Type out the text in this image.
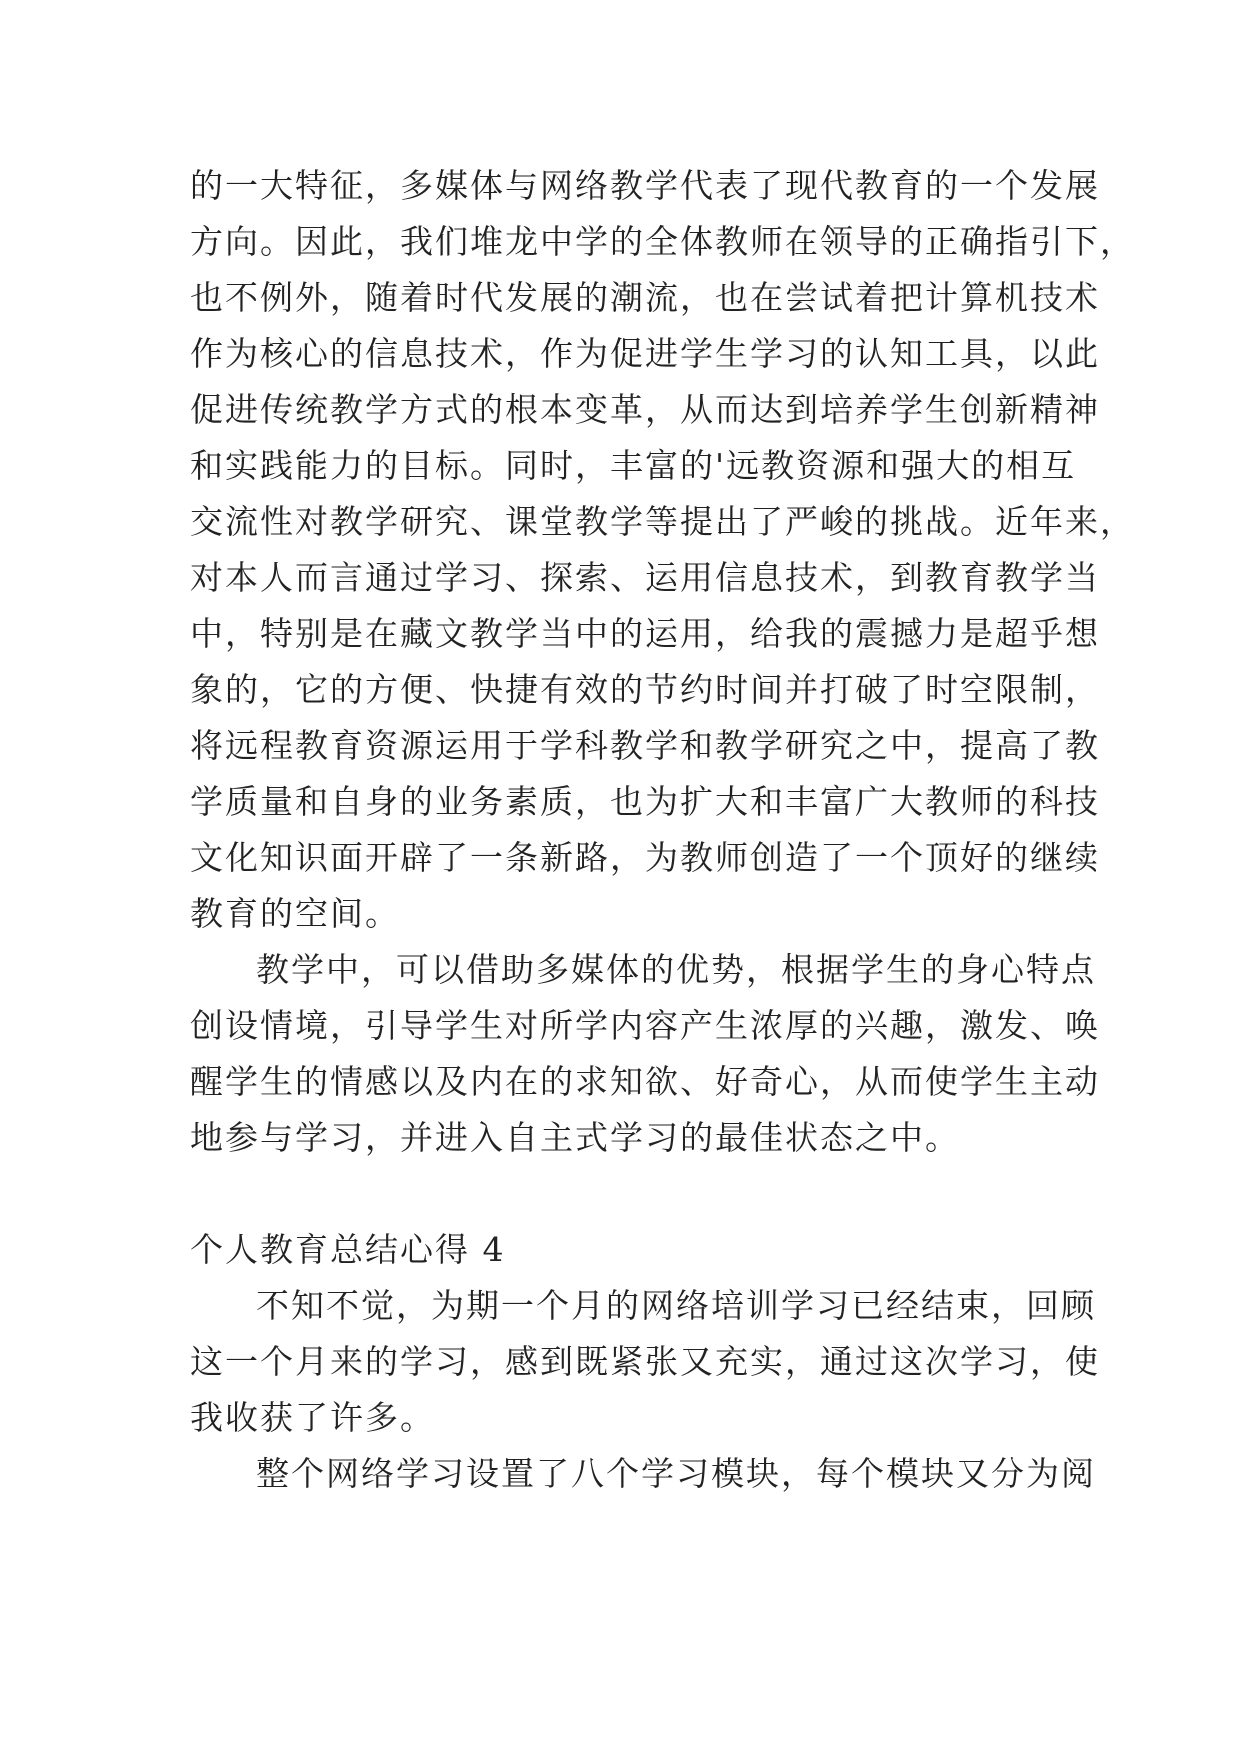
的一大特征，多媒体与网络教学代表了现代教育的一个发展
方向。因此，我们堆龙中学的全体教师在领导的正确指引下，
也不例外，随着时代发展的潮流，也在尝试着把计算机技术
作为核心的信息技术，作为促进学生学习的认知工具，以此
促进传统教学方式的根本变革，从而达到培养学生创新精神
和实践能力的目标。同时，丰富的'远教资源和强大的相互
交流性对教学研究、课堂教学等提出了严峻的挑战。近年来，
对本人而言通过学习、探索、运用信息技术，到教育教学当
中，特别是在藏文教学当中的运用，给我的震撼力是超乎想
象的，它的方便、快捷有效的节约时间并打破了时空限制，
将远程教育资源运用于学科教学和教学研究之中，提高了教
学质量和自身的业务素质，也为扩大和丰富广大教师的科技
文化知识面开辟了一条新路，为教师创造了一个顶好的继续
教育的空间。
教学中，可以借助多媒体的优势，根据学生的身心特点
创设情境，引导学生对所学内容产生浓厚的兴趣，激发、唤
醒学生的情感以及内在的求知欲、好奇心，从而使学生主动
地参与学习，并进入自主式学习的最佳状态之中。
个人教育总结心得 4
不知不觉，为期一个月的网络培训学习已经结束，回顾
这一个月来的学习，感到既紧张又充实，通过这次学习，使
我收获了许多。
整个网络学习设置了八个学习模块，每个模块又分为阅
